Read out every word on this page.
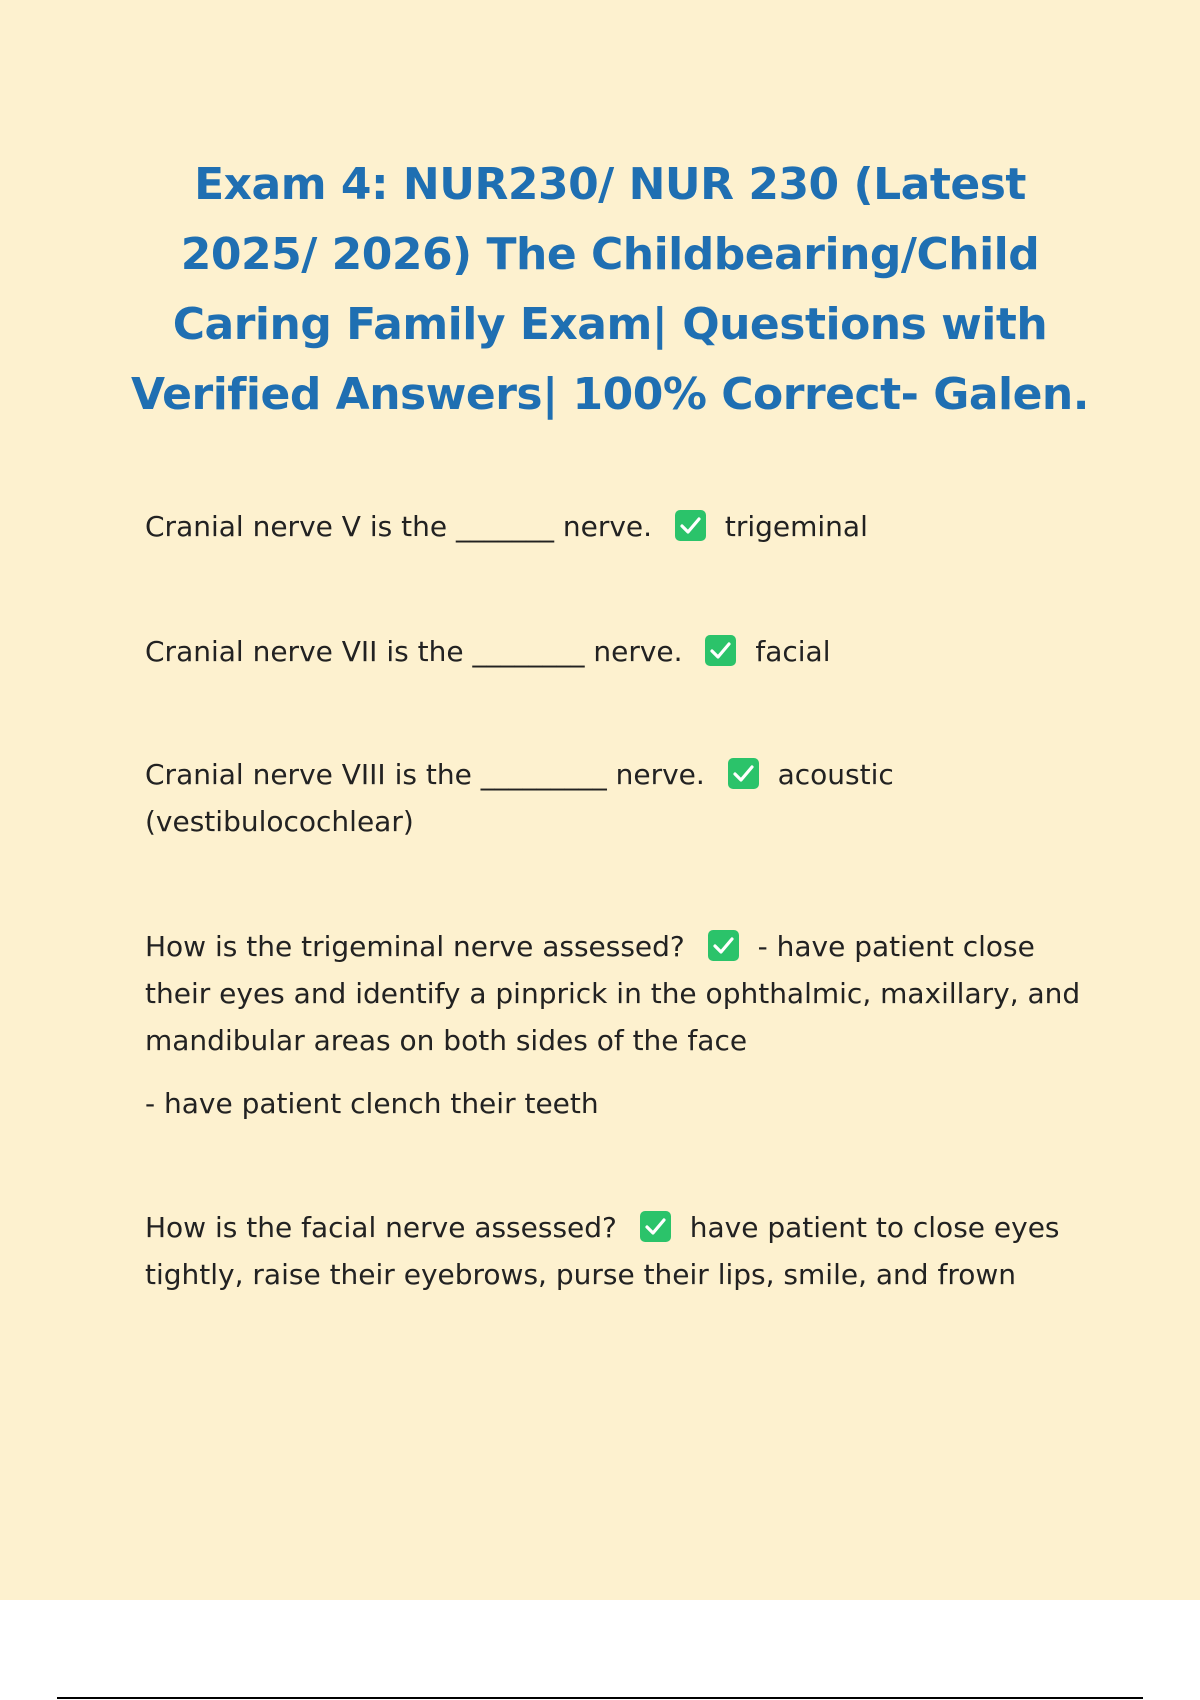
Exam 4: NUR230/ NUR 230 (Latest 2025/ 2026) The Childbearing/Child Caring Family Exam| Questions with Verified Answers| 100% Correct- Galen.

Cranial nerve V is the _______ nerve.	trigeminal

Cranial nerve VII is the ________ nerve.	facial

Cranial nerve VIII is the _________ nerve.	acoustic (vestibulocochlear)

How is the trigeminal nerve assessed?	- have patient close their eyes and identify a pinprick in the ophthalmic, maxillary, and mandibular areas on both sides of the face
- have patient clench their teeth

How is the facial nerve assessed?	have patient to close eyes tightly, raise their eyebrows, purse their lips, smile, and frown
